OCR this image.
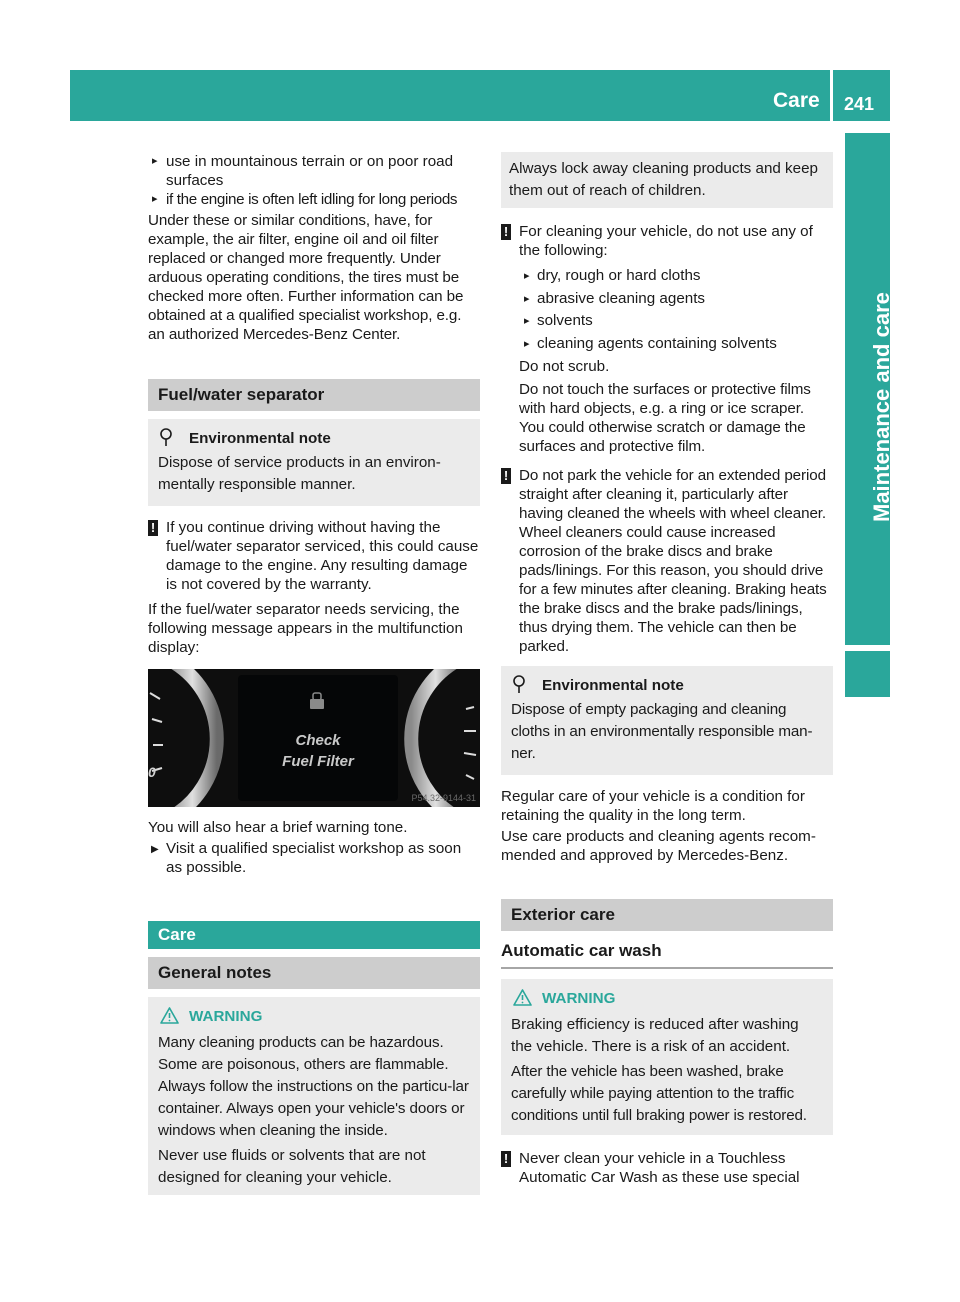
Care 241
Maintenance and care

▸ use in mountainous terrain or on poor road surfaces

▸ if the engine is often left idling for long periods

Under these or similar conditions, have, for example, the air filter, engine oil and oil filter replaced or changed more frequently. Under arduous operating conditions, the tires must be checked more often. Further information can be obtained at a qualified specialist workshop, e.g. an authorized Mercedes-Benz Center.

Fuel/water separator
Environmental note

Dispose of service products in an environ-mentally responsible manner.

! If you continue driving without having the fuel/water separator serviced, this could cause damage to the engine. Any resulting damage is not covered by the warranty.

If the fuel/water separator needs servicing, the following message appears in the multifunction display:

0
Check
Fuel Filter
P54.32-9144-31

You will also hear a brief warning tone.

▶ Visit a qualified specialist workshop as soon as possible.

Care
General notes
WARNING

Many cleaning products can be hazardous. Some are poisonous, others are flammable. Always follow the instructions on the particu-lar container. Always open your vehicle's doors or windows when cleaning the inside.

Never use fluids or solvents that are not designed for cleaning your vehicle.

Always lock away cleaning products and keep them out of reach of children.

! For cleaning your vehicle, do not use any of the following:

▸ dry, rough or hard cloths

▸ abrasive cleaning agents

▸ solvents

▸ cleaning agents containing solvents

Do not scrub.

Do not touch the surfaces or protective films with hard objects, e.g. a ring or ice scraper. You could otherwise scratch or damage the surfaces and protective film.

! Do not park the vehicle for an extended period straight after cleaning it, particularly after having cleaned the wheels with wheel cleaner. Wheel cleaners could cause increased corrosion of the brake discs and brake pads/linings. For this reason, you should drive for a few minutes after cleaning. Braking heats the brake discs and the brake pads/linings, thus drying them. The vehicle can then be parked.

Environmental note

Dispose of empty packaging and cleaning cloths in an environmentally responsible man-ner.

Regular care of your vehicle is a condition for retaining the quality in the long term.

Use care products and cleaning agents recom-mended and approved by Mercedes-Benz.

Exterior care
Automatic car wash
WARNING

Braking efficiency is reduced after washing the vehicle. There is a risk of an accident.

After the vehicle has been washed, brake carefully while paying attention to the traffic conditions until full braking power is restored.

! Never clean your vehicle in a Touchless Automatic Car Wash as these use special
